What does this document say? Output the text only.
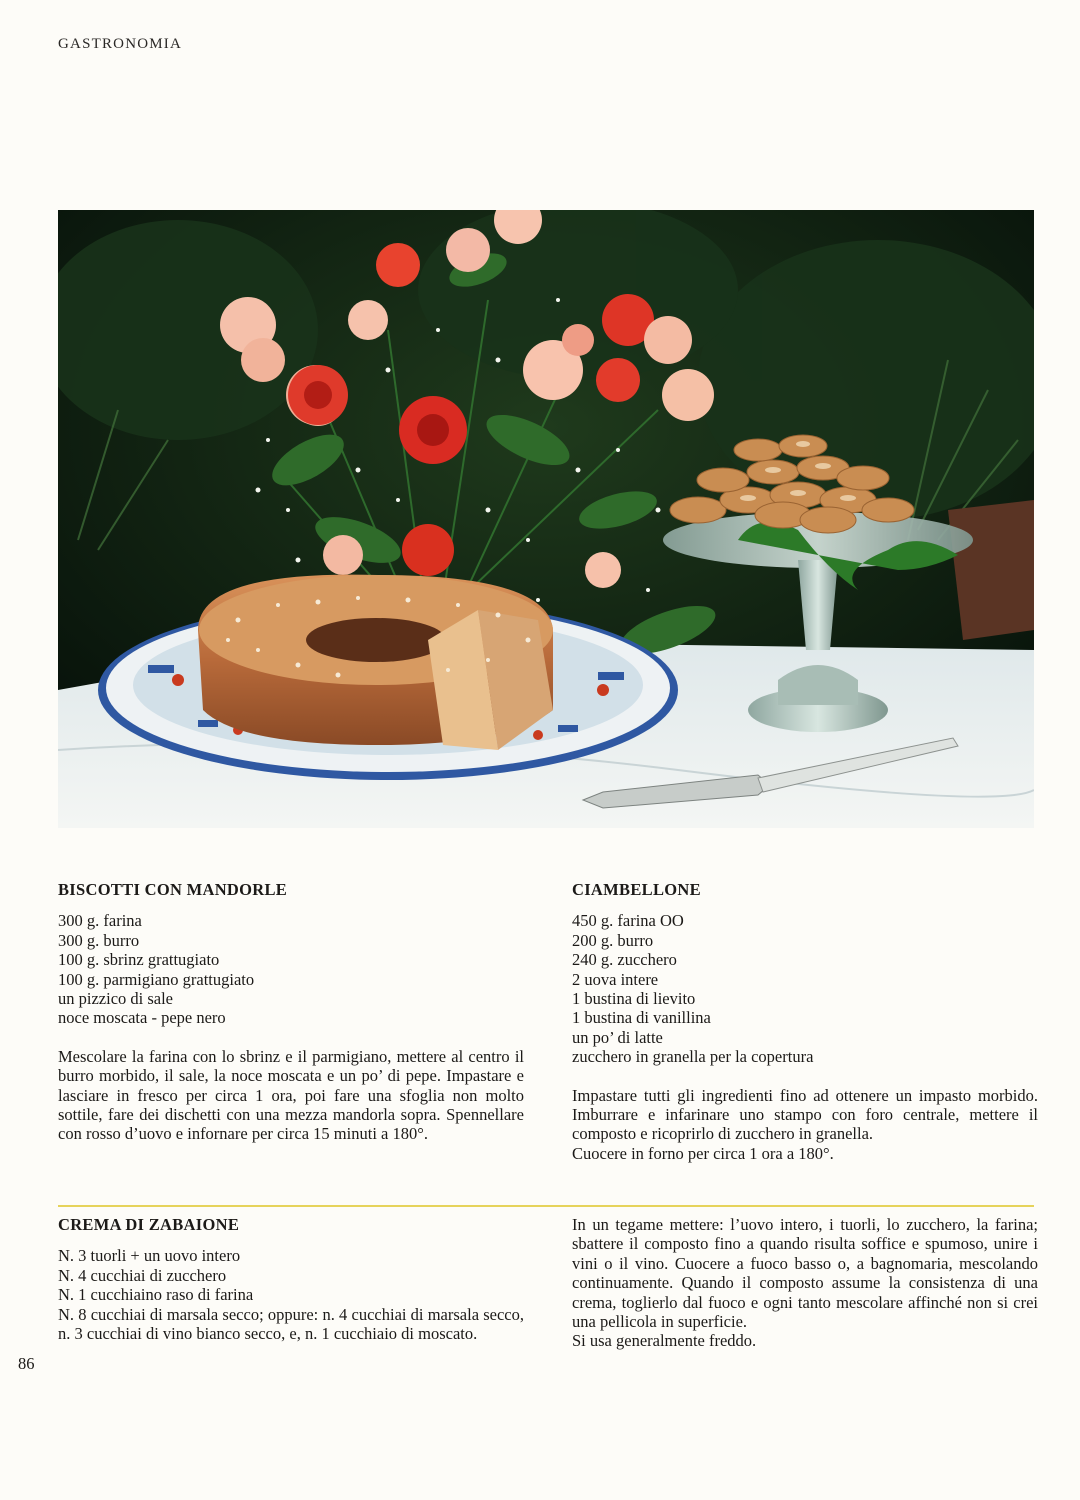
GASTRONOMIA
BISCOTTI CON MANDORLE
300 g. farina
300 g. burro
100 g. sbrinz grattugiato
100 g. parmigiano grattugiato
un pizzico di sale
noce moscata - pepe nero

Mescolare la farina con lo sbrinz e il parmigiano, mettere al centro il burro morbido, il sale, la noce moscata e un po’ di pepe. Impastare e lasciare in fresco per circa 1 ora, poi fare una sfoglia non molto sottile, fare dei dischetti con una mezza mandorla sopra. Spennellare con rosso d’uovo e infornare per circa 15 minuti a 180°.

CIAMBELLONE
450 g. farina OO
200 g. burro
240 g. zucchero
2 uova intere
1 bustina di lievito
1 bustina di vanillina
un po’ di latte
zucchero in granella per la copertura

Impastare tutti gli ingredienti fino ad ottenere un impasto morbido. Imburrare e infarinare uno stampo con foro centrale, mettere il composto e ricoprirlo di zucchero in granella.

Cuocere in forno per circa 1 ora a 180°.

CREMA DI ZABAIONE
N. 3 tuorli + un uovo intero
N. 4 cucchiai di zucchero
N. 1 cucchiaino raso di farina

N. 8 cucchiai di marsala secco; oppure: n. 4 cucchiai di marsala secco, n. 3 cucchiai di vino bianco secco, e, n. 1 cucchiaio di moscato.

In un tegame mettere: l’uovo intero, i tuorli, lo zucchero, la farina; sbattere il composto fino a quando risulta soffice e spumoso, unire i vini o il vino. Cuocere a fuoco basso o, a bagnomaria, mescolando continuamente. Quando il composto assume la consistenza di una crema, toglierlo dal fuoco e ogni tanto mescolare affinché non si crei una pellicola in superficie.

Si usa generalmente freddo.

86
